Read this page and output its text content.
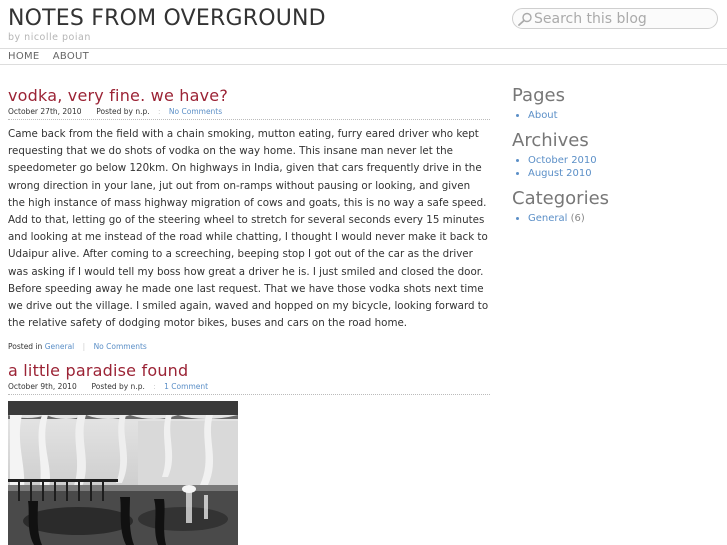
NOTES FROM OVERGROUND
by nicolle poian
Search this blog
HOME ABOUT
vodka, very fine. we have?
October 27th, 2010 Posted by n.p. : No Comments
Came back from the field with a chain smoking, mutton eating, furry eared driver who kept requesting that we do shots of vodka on the way home. This insane man never let the speedometer go below 120km. On highways in India, given that cars frequently drive in the wrong direction in your lane, jut out from on-ramps without pausing or looking, and given the high instance of mass highway migration of cows and goats, this is no way a safe speed. Add to that, letting go of the steering wheel to stretch for several seconds every 15 minutes and looking at me instead of the road while chatting, I thought I would never make it back to Udaipur alive. After coming to a screeching, beeping stop I got out of the car as the driver was asking if I would tell my boss how great a driver he is. I just smiled and closed the door. Before speeding away he made one last request. That we have those vodka shots next time we drive out the village. I smiled again, waved and hopped on my bicycle, looking forward to the relative safety of dodging motor bikes, buses and cars on the road home.
Posted in General | No Comments
a little paradise found
October 9th, 2010 Posted by n.p. : 1 Comment
Pages
• About
Archives
• October 2010
• August 2010
Categories
• General (6)
